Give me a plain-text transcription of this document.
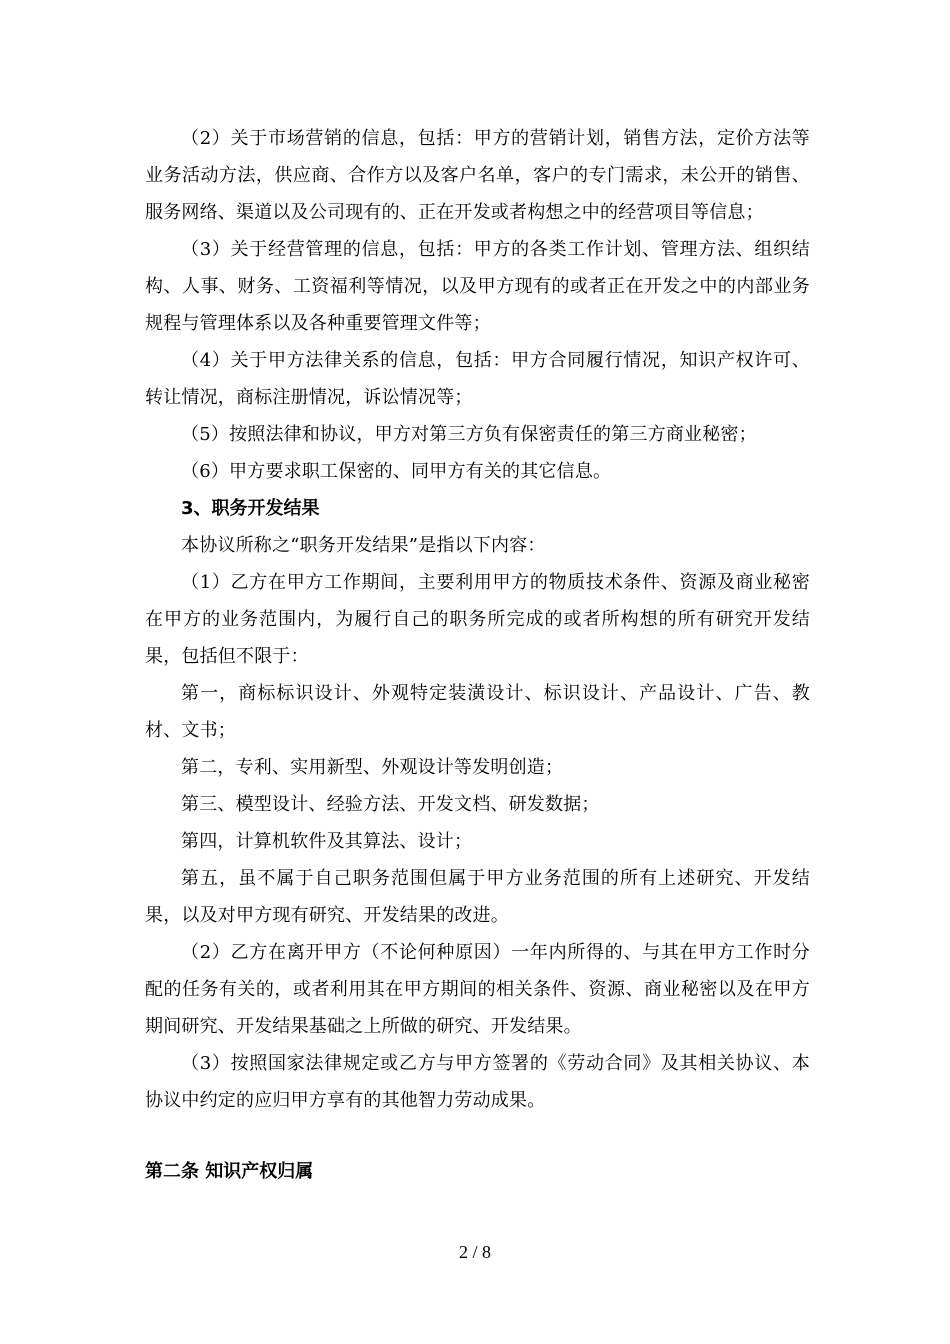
（2）关于市场营销的信息，包括：甲方的营销计划，销售方法，定价方法等业务活动方法，供应商、合作方以及客户名单，客户的专门需求，未公开的销售、服务网络、渠道以及公司现有的、正在开发或者构想之中的经营项目等信息；

（3）关于经营管理的信息，包括：甲方的各类工作计划、管理方法、组织结构、人事、财务、工资福利等情况，以及甲方现有的或者正在开发之中的内部业务规程与管理体系以及各种重要管理文件等；

（4）关于甲方法律关系的信息，包括：甲方合同履行情况，知识产权许可、转让情况，商标注册情况，诉讼情况等；

（5）按照法律和协议，甲方对第三方负有保密责任的第三方商业秘密；

（6）甲方要求职工保密的、同甲方有关的其它信息。

3、职务开发结果

本协议所称之“职务开发结果”是指以下内容：

（1）乙方在甲方工作期间，主要利用甲方的物质技术条件、资源及商业秘密在甲方的业务范围内，为履行自己的职务所完成的或者所构想的所有研究开发结果，包括但不限于：

第一，商标标识设计、外观特定装潢设计、标识设计、产品设计、广告、教材、文书；

第二，专利、实用新型、外观设计等发明创造；

第三、模型设计、经验方法、开发文档、研发数据；

第四，计算机软件及其算法、设计；

第五，虽不属于自己职务范围但属于甲方业务范围的所有上述研究、开发结果，以及对甲方现有研究、开发结果的改进。

（2）乙方在离开甲方（不论何种原因）一年内所得的、与其在甲方工作时分配的任务有关的，或者利用其在甲方期间的相关条件、资源、商业秘密以及在甲方期间研究、开发结果基础之上所做的研究、开发结果。

（3）按照国家法律规定或乙方与甲方签署的《劳动合同》及其相关协议、本协议中约定的应归甲方享有的其他智力劳动成果。

第二条 知识产权归属

2 / 8
